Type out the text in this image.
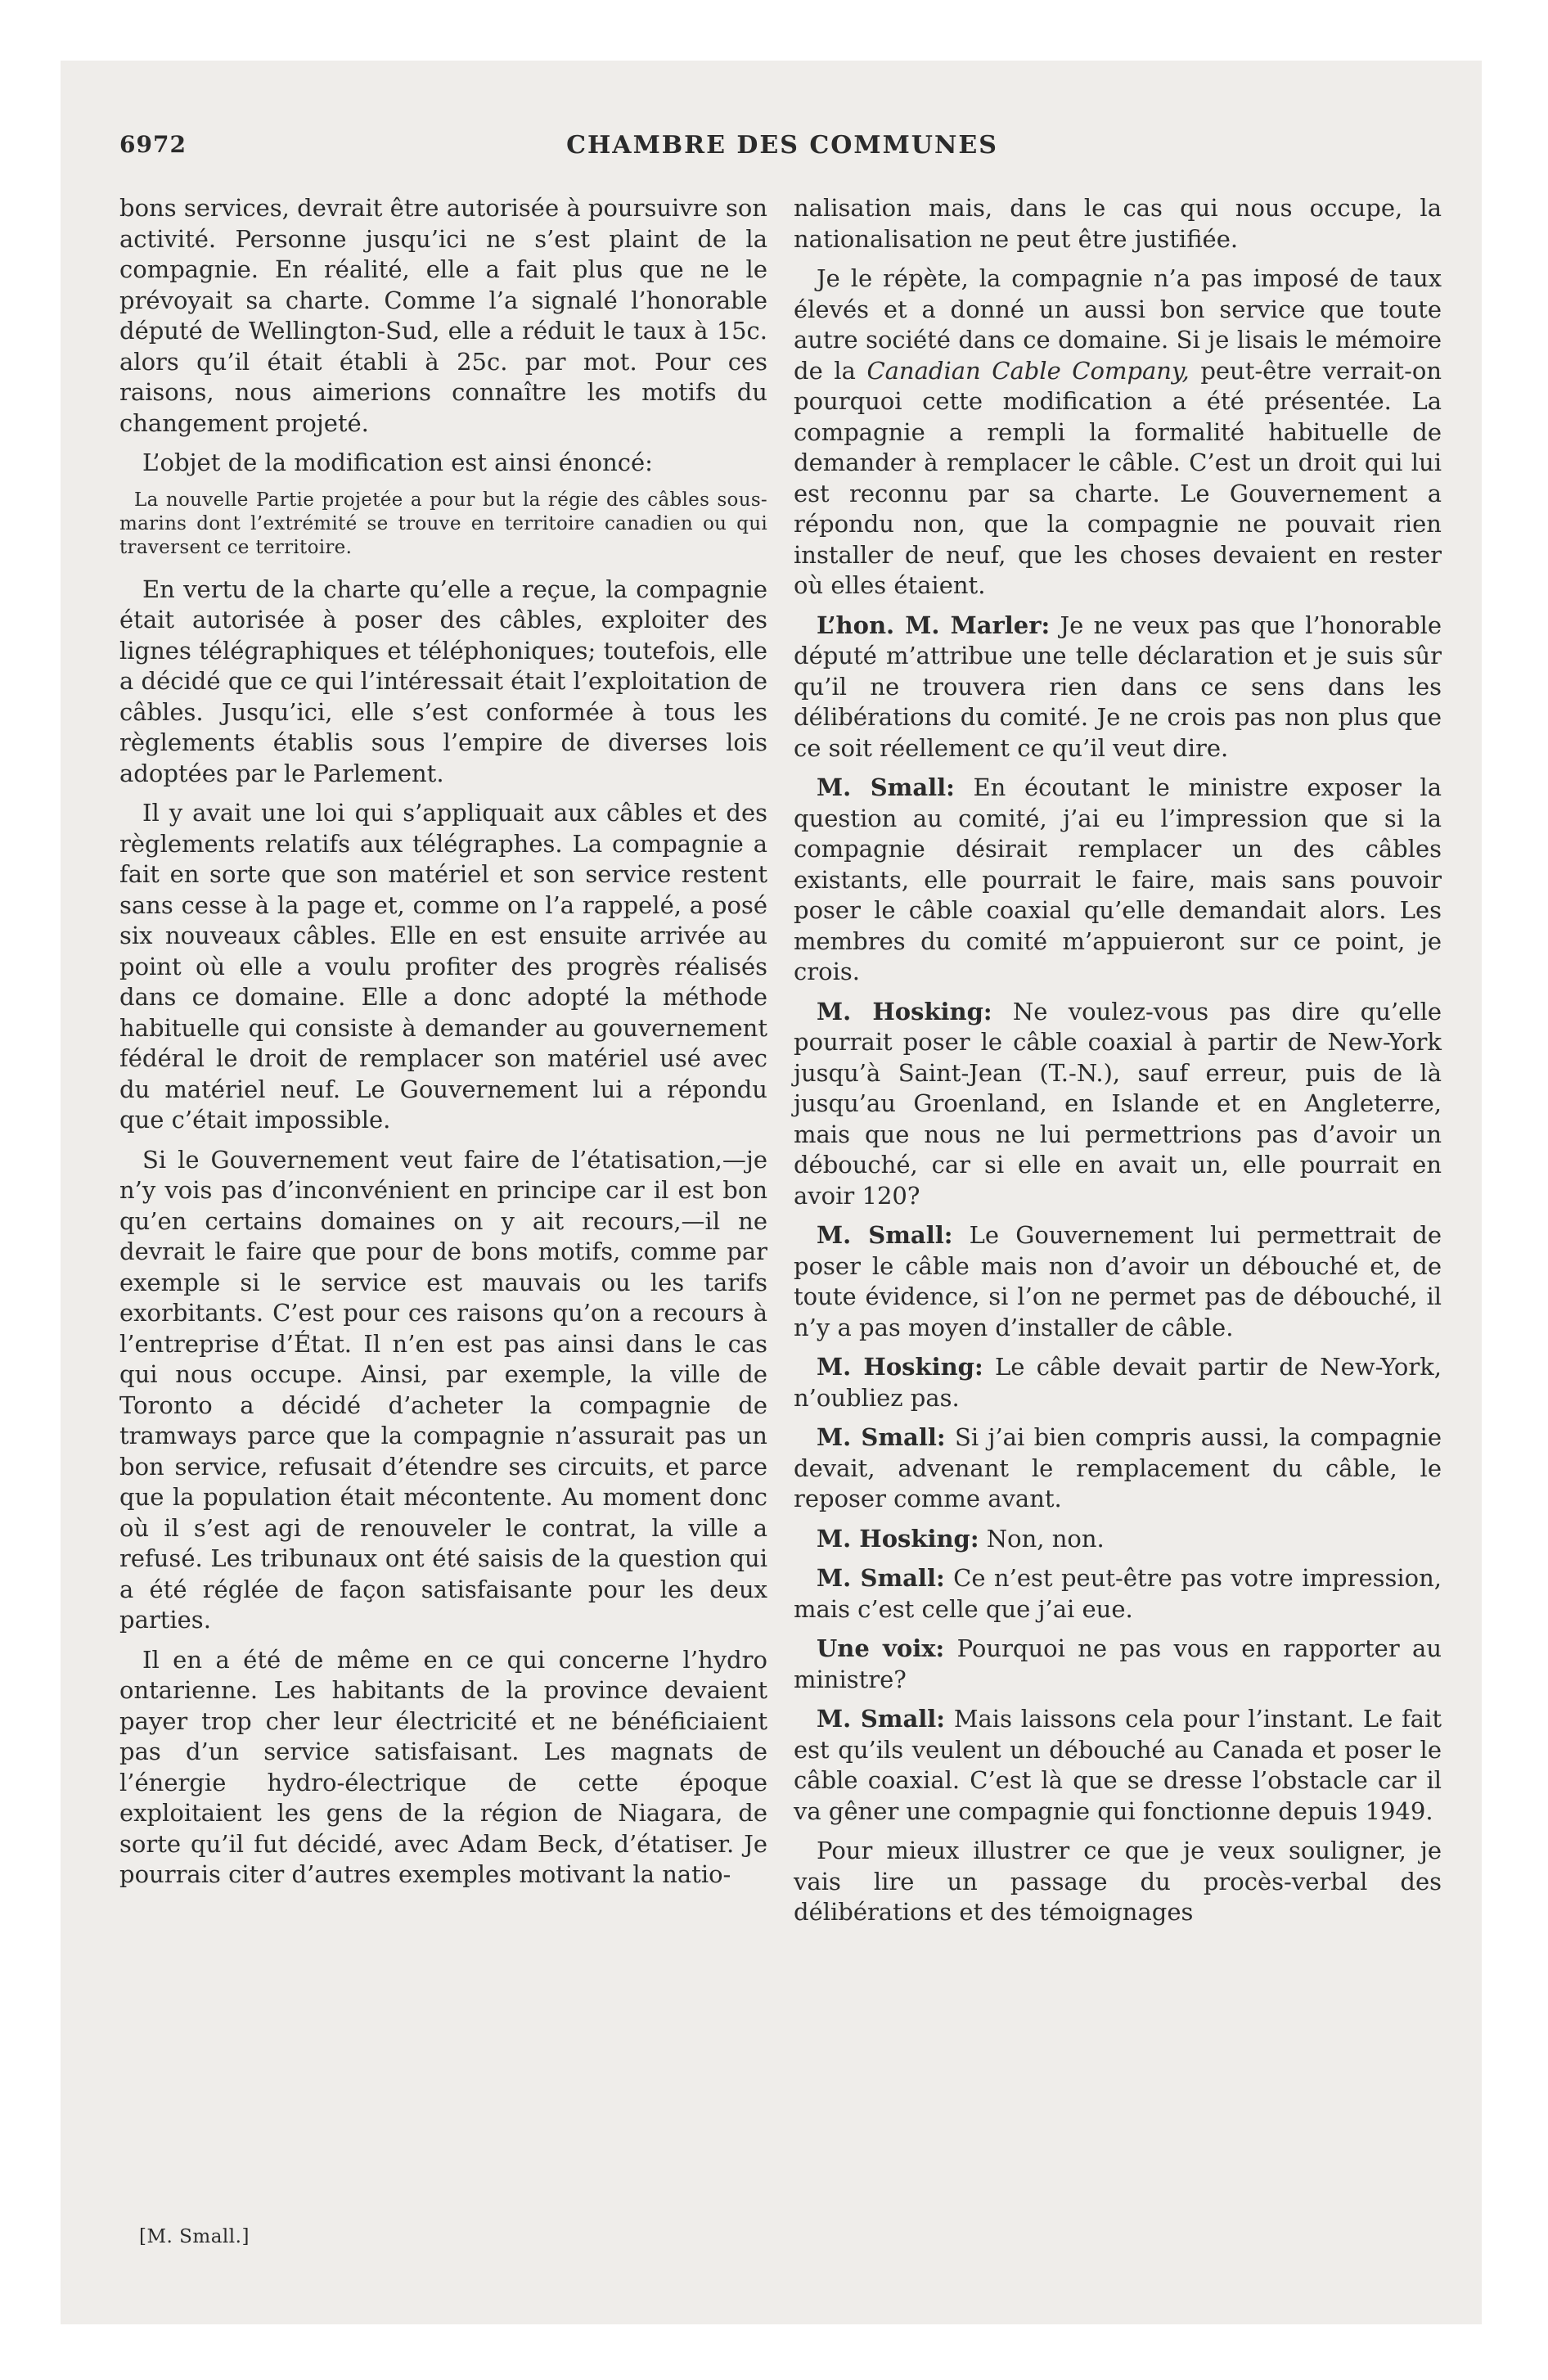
6972	CHAMBRE DES COMMUNES

bons services, devrait être autorisée à poursuivre son activité. Personne jusqu’ici ne s’est plaint de la compagnie. En réalité, elle a fait plus que ne le prévoyait sa charte. Comme l’a signalé l’honorable député de Wellington-Sud, elle a réduit le taux à 15c. alors qu’il était établi à 25c. par mot. Pour ces raisons, nous aimerions connaître les motifs du changement projeté.

L’objet de la modification est ainsi énoncé:

La nouvelle Partie projetée a pour but la régie des câbles sous-marins dont l’extrémité se trouve en territoire canadien ou qui traversent ce territoire.

En vertu de la charte qu’elle a reçue, la compagnie était autorisée à poser des câbles, exploiter des lignes télégraphiques et téléphoniques; toutefois, elle a décidé que ce qui l’intéressait était l’exploitation de câbles. Jusqu’ici, elle s’est conformée à tous les règlements établis sous l’empire de diverses lois adoptées par le Parlement.

Il y avait une loi qui s’appliquait aux câbles et des règlements relatifs aux télégraphes. La compagnie a fait en sorte que son matériel et son service restent sans cesse à la page et, comme on l’a rappelé, a posé six nouveaux câbles. Elle en est ensuite arrivée au point où elle a voulu profiter des progrès réalisés dans ce domaine. Elle a donc adopté la méthode habituelle qui consiste à demander au gouvernement fédéral le droit de remplacer son matériel usé avec du matériel neuf. Le Gouvernement lui a répondu que c’était impossible.

Si le Gouvernement veut faire de l’étatisation,—je n’y vois pas d’inconvénient en principe car il est bon qu’en certains domaines on y ait recours,—il ne devrait le faire que pour de bons motifs, comme par exemple si le service est mauvais ou les tarifs exorbitants. C’est pour ces raisons qu’on a recours à l’entreprise d’État. Il n’en est pas ainsi dans le cas qui nous occupe. Ainsi, par exemple, la ville de Toronto a décidé d’acheter la compagnie de tramways parce que la compagnie n’assurait pas un bon service, refusait d’étendre ses circuits, et parce que la population était mécontente. Au moment donc où il s’est agi de renouveler le contrat, la ville a refusé. Les tribunaux ont été saisis de la question qui a été réglée de façon satisfaisante pour les deux parties.

Il en a été de même en ce qui concerne l’hydro ontarienne. Les habitants de la province devaient payer trop cher leur électricité et ne bénéficiaient pas d’un service satisfaisant. Les magnats de l’énergie hydro-électrique de cette époque exploitaient les gens de la région de Niagara, de sorte qu’il fut décidé, avec Adam Beck, d’étatiser. Je pourrais citer d’autres exemples motivant la natio-

nalisation mais, dans le cas qui nous occupe, la nationalisation ne peut être justifiée.

Je le répète, la compagnie n’a pas imposé de taux élevés et a donné un aussi bon service que toute autre société dans ce domaine. Si je lisais le mémoire de la Canadian Cable Company, peut-être verrait-on pourquoi cette modification a été présentée. La compagnie a rempli la formalité habituelle de demander à remplacer le câble. C’est un droit qui lui est reconnu par sa charte. Le Gouvernement a répondu non, que la compagnie ne pouvait rien installer de neuf, que les choses devaient en rester où elles étaient.

L’hon. M. Marler: Je ne veux pas que l’honorable député m’attribue une telle déclaration et je suis sûr qu’il ne trouvera rien dans ce sens dans les délibérations du comité. Je ne crois pas non plus que ce soit réellement ce qu’il veut dire.

M. Small: En écoutant le ministre exposer la question au comité, j’ai eu l’impression que si la compagnie désirait remplacer un des câbles existants, elle pourrait le faire, mais sans pouvoir poser le câble coaxial qu’elle demandait alors. Les membres du comité m’appuieront sur ce point, je crois.

M. Hosking: Ne voulez-vous pas dire qu’elle pourrait poser le câble coaxial à partir de New-York jusqu’à Saint-Jean (T.-N.), sauf erreur, puis de là jusqu’au Groenland, en Islande et en Angleterre, mais que nous ne lui permettrions pas d’avoir un débouché, car si elle en avait un, elle pourrait en avoir 120?

M. Small: Le Gouvernement lui permettrait de poser le câble mais non d’avoir un débouché et, de toute évidence, si l’on ne permet pas de débouché, il n’y a pas moyen d’installer de câble.

M. Hosking: Le câble devait partir de New-York, n’oubliez pas.

M. Small: Si j’ai bien compris aussi, la compagnie devait, advenant le remplacement du câble, le reposer comme avant.

M. Hosking: Non, non.

M. Small: Ce n’est peut-être pas votre impression, mais c’est celle que j’ai eue.

Une voix: Pourquoi ne pas vous en rapporter au ministre?

M. Small: Mais laissons cela pour l’instant. Le fait est qu’ils veulent un débouché au Canada et poser le câble coaxial. C’est là que se dresse l’obstacle car il va gêner une compagnie qui fonctionne depuis 1949.

Pour mieux illustrer ce que je veux souligner, je vais lire un passage du procès-verbal des délibérations et des témoignages

[M. Small.]
